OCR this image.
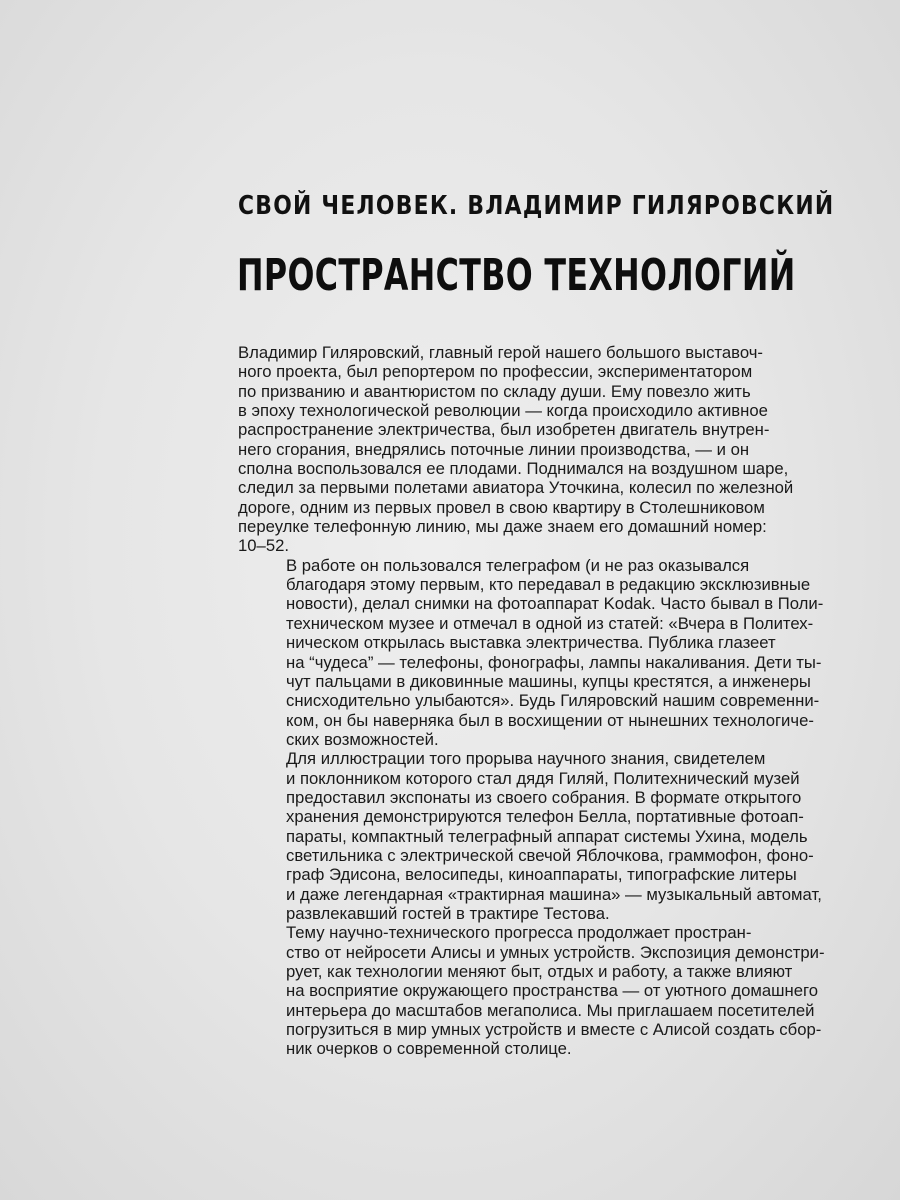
СВОЙ ЧЕЛОВЕК. ВЛАДИМИР ГИЛЯРОВСКИЙ
ПРОСТРАНСТВО ТЕХНОЛОГИЙ

Владимир Гиляровский, главный герой нашего большого выставоч-
ного проекта, был репортером по профессии, экспериментатором
по призванию и авантюристом по складу души. Ему повезло жить
в эпоху технологической революции — когда происходило активное
распространение электричества, был изобретен двигатель внутрен-
него сгорания, внедрялись поточные линии производства, — и он
сполна воспользовался ее плодами. Поднимался на воздушном шаре,
следил за первыми полетами авиатора Уточкина, колесил по железной
дороге, одним из первых провел в свою квартиру в Столешниковом
переулке телефонную линию, мы даже знаем его домашний номер:
10–52.

В работе он пользовался телеграфом (и не раз оказывался
благодаря этому первым, кто передавал в редакцию эксклюзивные
новости), делал снимки на фотоаппарат Kodak. Часто бывал в Поли-
техническом музее и отмечал в одной из статей: «Вчера в Политех-
ническом открылась выставка электричества. Публика глазеет
на “чудеса” — телефоны, фонографы, лампы накаливания. Дети ты-
чут пальцами в диковинные машины, купцы крестятся, а инженеры
снисходительно улыбаются». Будь Гиляровский нашим современни-
ком, он бы наверняка был в восхищении от нынешних технологиче-
ских возможностей.

Для иллюстрации того прорыва научного знания, свидетелем
и поклонником которого стал дядя Гиляй, Политехнический музей
предоставил экспонаты из своего собрания. В формате открытого
хранения демонстрируются телефон Белла, портативные фотоап-
параты, компактный телеграфный аппарат системы Ухина, модель
светильника с электрической свечой Яблочкова, граммофон, фоно-
граф Эдисона, велосипеды, киноаппараты, типографские литеры
и даже легендарная «трактирная машина» — музыкальный автомат,
развлекавший гостей в трактире Тестова.

Тему научно-технического прогресса продолжает простран-
ство от нейросети Алисы и умных устройств. Экспозиция демонстри-
рует, как технологии меняют быт, отдых и работу, а также влияют
на восприятие окружающего пространства — от уютного домашнего
интерьера до масштабов мегаполиса. Мы приглашаем посетителей
погрузиться в мир умных устройств и вместе с Алисой создать сбор-
ник очерков о современной столице.
